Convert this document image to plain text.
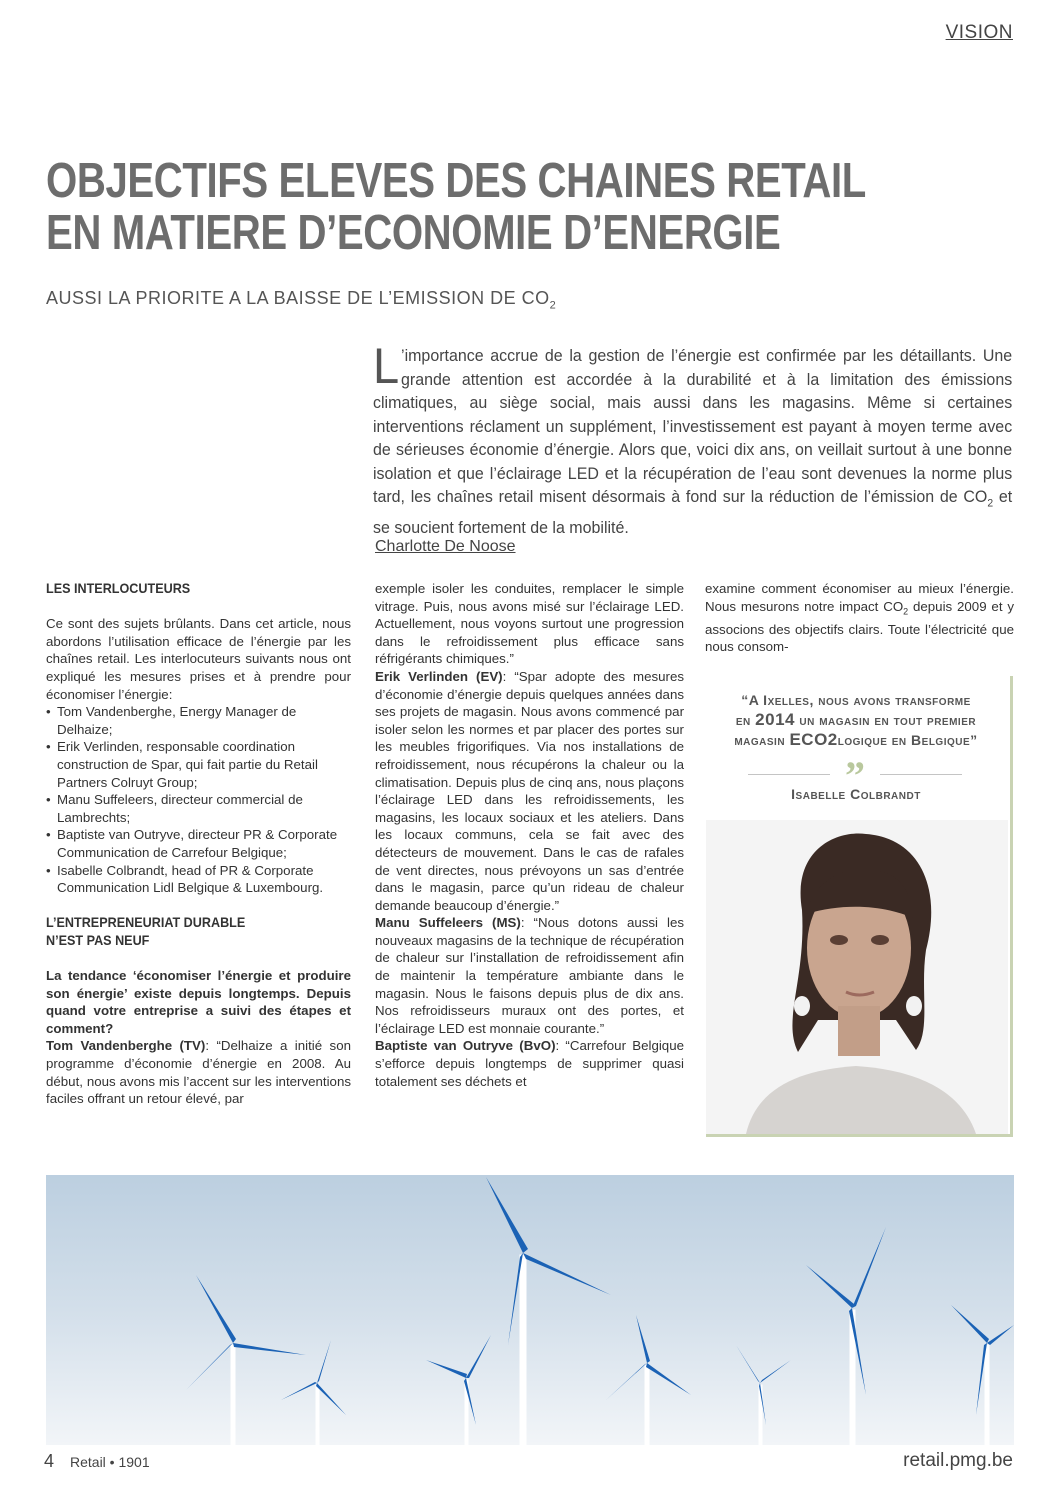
VISION
OBJECTIFS ELEVES DES CHAINES RETAIL
EN MATIERE D’ECONOMIE D’ENERGIE
AUSSI LA PRIORITE A LA BAISSE DE L’EMISSION DE $CO_2$
L ’importance accrue de la gestion de l’énergie est confirmée par les détaillants. Une grande attention est accordée à la durabilité et à la limitation des émissions climatiques, au siège social, mais aussi dans les magasins. Même si certaines interventions réclament un supplément, l’investissement est payant à moyen terme avec de sérieuses économie d’énergie. Alors que, voici dix ans, on veillait surtout à une bonne isolation et que l’éclairage LED et la récupération de l’eau sont devenues la norme plus tard, les chaînes retail misent désormais à fond sur la réduction de l’émission de $CO_2$ et se soucient fortement de la mobilité.
Charlotte De Noose
LES INTERLOCUTEURS

Ce sont des sujets brûlants. Dans cet article, nous abordons l’utilisation efficace de l’énergie par les chaînes retail. Les interlocuteurs suivants nous ont expliqué les mesures prises et à prendre pour économiser l’énergie:

• Tom Vandenberghe, Energy Manager de Delhaize;
• Erik Verlinden, responsable coordination construction de Spar, qui fait partie du Retail Partners Colruyt Group;
• Manu Suffeleers, directeur commercial de Lambrechts;
• Baptiste van Outryve, directeur PR & Corporate Communication de Carrefour Belgique;
• Isabelle Colbrandt, head of PR & Corporate Communication Lidl Belgique & Luxembourg.

L’ENTREPRENEURIAT DURABLE
N’EST PAS NEUF

La tendance ‘économiser l’énergie et produire son énergie’ existe depuis longtemps. Depuis quand votre entreprise a suivi des étapes et comment?

Tom Vandenberghe (TV): “Delhaize a initié son programme d’économie d’énergie en 2008. Au début, nous avons mis l’accent sur les interventions faciles offrant un retour élevé, par

exemple isoler les conduites, remplacer le simple vitrage. Puis, nous avons misé sur l’éclairage LED. Actuellement, nous voyons surtout une progression dans le refroidissement plus efficace sans réfrigérants chimiques.”

Erik Verlinden (EV): “Spar adopte des mesures d’économie d’énergie depuis quelques années dans ses projets de magasin. Nous avons commencé par isoler selon les normes et par placer des portes sur les meubles frigorifiques. Via nos installations de refroidissement, nous récupérons la chaleur ou la climatisation. Depuis plus de cinq ans, nous plaçons l’éclairage LED dans les refroidissements, les magasins, les locaux sociaux et les ateliers. Dans les locaux communs, cela se fait avec des détecteurs de mouvement. Dans le cas de rafales de vent directes, nous prévoyons un sas d’entrée dans le magasin, parce qu’un rideau de chaleur demande beaucoup d’énergie.”

Manu Suffeleers (MS): “Nous dotons aussi les nouveaux magasins de la technique de récupération de chaleur sur l’installation de refroidissement afin de maintenir la température ambiante dans le magasin. Nous le faisons depuis plus de dix ans. Nos refroidisseurs muraux ont des portes, et l’éclairage LED est monnaie courante.”

Baptiste van Outryve (BvO): “Carrefour Belgique s’efforce depuis longtemps de supprimer quasi totalement ses déchets et

examine comment économiser au mieux l’énergie. Nous mesurons notre impact $CO_2$ depuis 2009 et y associons des objectifs clairs. Toute l’électricité que nous consom-

“A Ixelles, nous avons transforme
en 2014 un magasin en tout premier
magasin ECO2logique en Belgique”
”
Isabelle Colbrandt
4 Retail • 1901	retail.pmg.be
